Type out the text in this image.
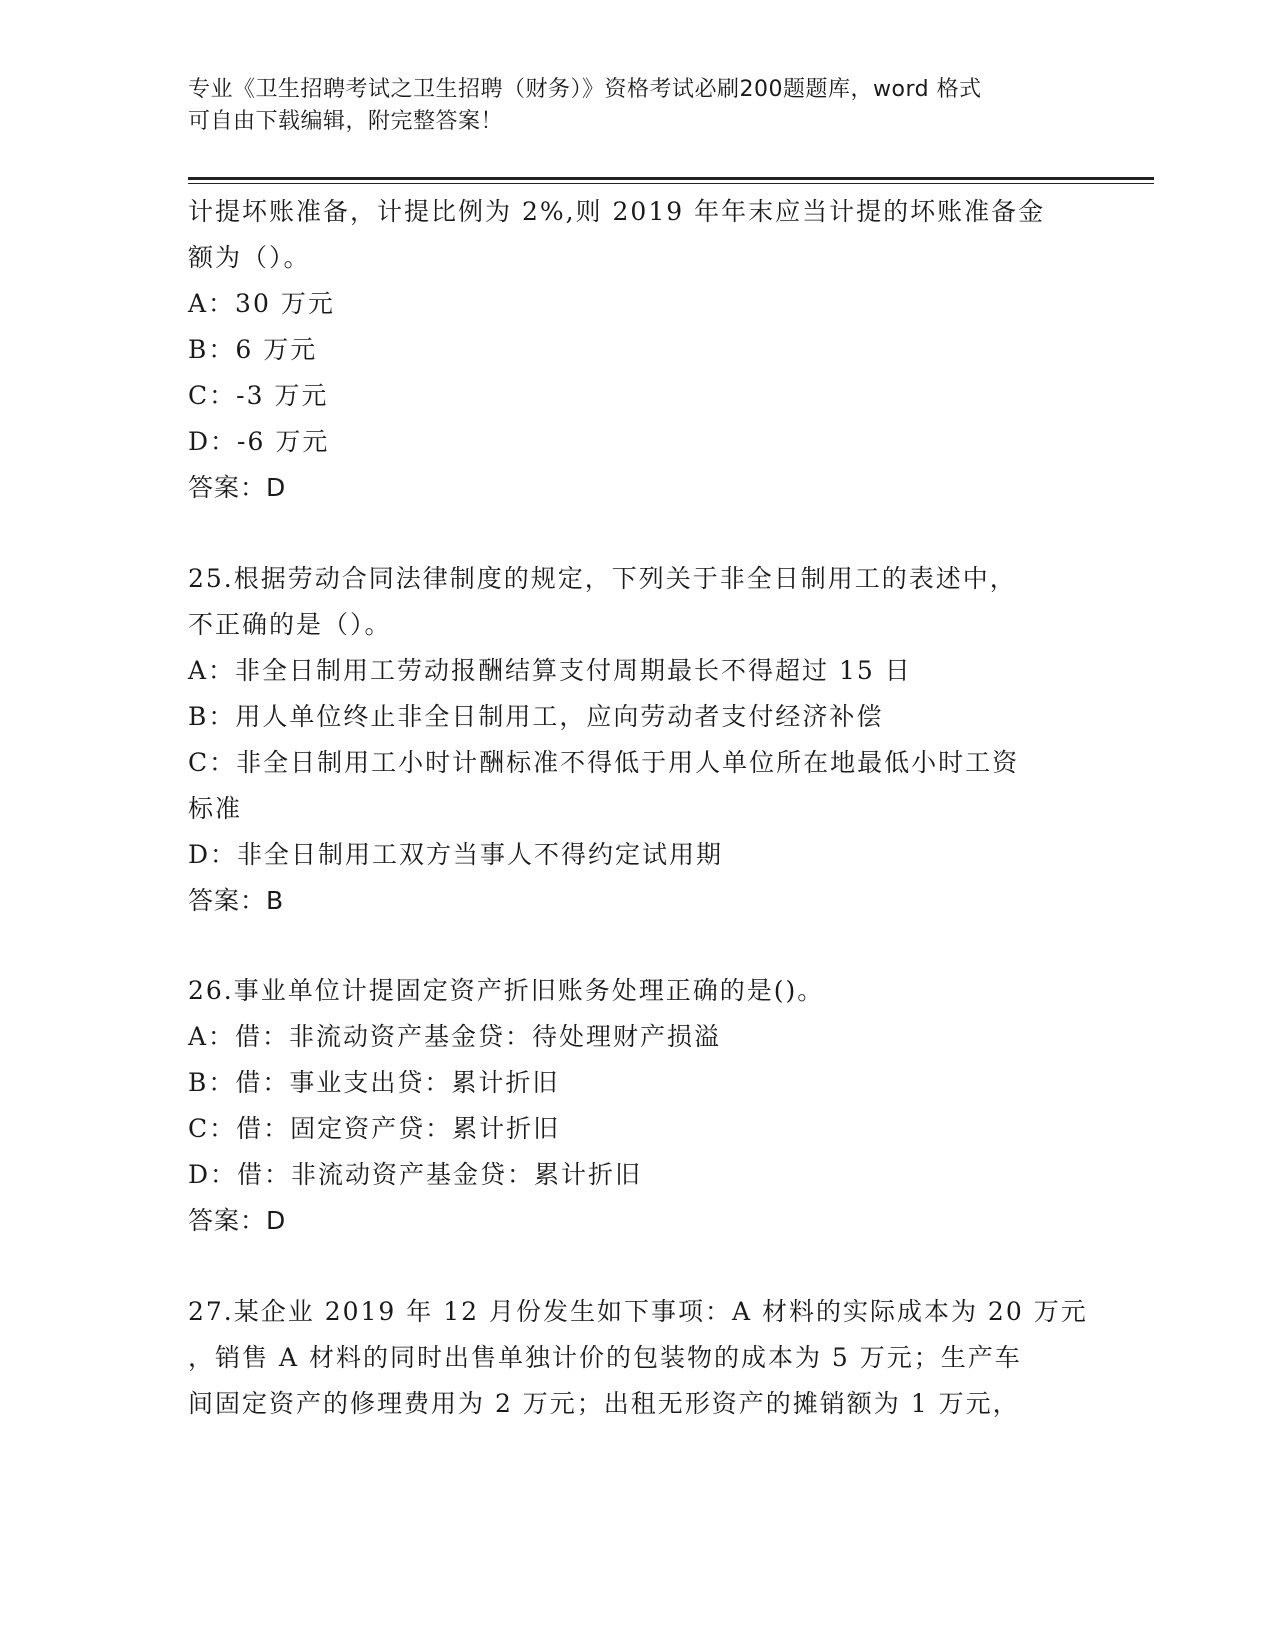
专业《卫生招聘考试之卫生招聘（财务）》资格考试必刷200题题库，word 格式
可自由下载编辑，附完整答案！
计提坏账准备，计提比例为 2%,则 2019 年年末应当计提的坏账准备金
额为（）。
A：30 万元
B：6 万元
C：-3 万元
D：-6 万元
答案：D
25.根据劳动合同法律制度的规定，下列关于非全日制用工的表述中，
不正确的是（）。
A：非全日制用工劳动报酬结算支付周期最长不得超过 15 日
B：用人单位终止非全日制用工，应向劳动者支付经济补偿
C：非全日制用工小时计酬标准不得低于用人单位所在地最低小时工资
标准
D：非全日制用工双方当事人不得约定试用期
答案：B
26.事业单位计提固定资产折旧账务处理正确的是()。
A：借：非流动资产基金贷：待处理财产损溢
B：借：事业支出贷：累计折旧
C：借：固定资产贷：累计折旧
D：借：非流动资产基金贷：累计折旧
答案：D
27.某企业 2019 年 12 月份发生如下事项：A 材料的实际成本为 20 万元
，销售 A 材料的同时出售单独计价的包装物的成本为 5 万元；生产车
间固定资产的修理费用为 2 万元；出租无形资产的摊销额为 1 万元，
